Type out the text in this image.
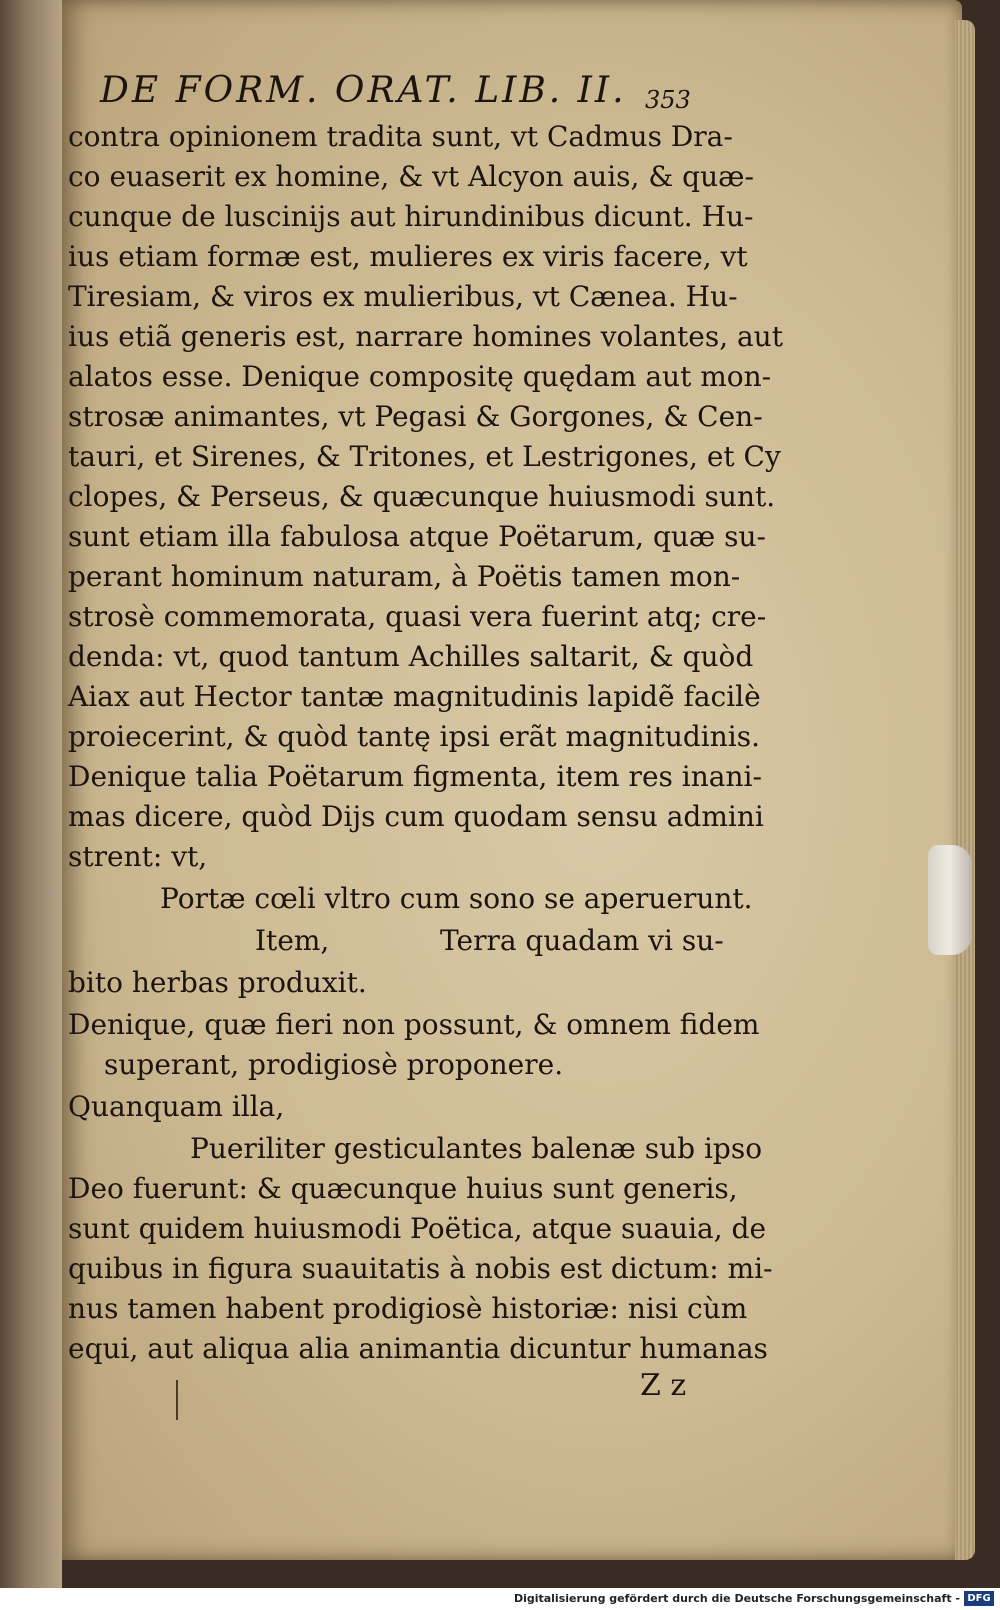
DE FORM. ORAT. LIB. II. 353
contra opinionem tradita sunt, vt Cadmus Dra-
co euaserit ex homine, & vt Alcyon auis, & quæ-
cunque de luscinijs aut hirundinibus dicunt. Hu-
ius etiam formæ est, mulieres ex viris facere, vt
Tiresiam, & viros ex mulieribus, vt Cænea. Hu-
ius etiã generis est, narrare homines volantes, aut
alatos esse. Denique compositę quędam aut mon-
strosæ animantes, vt Pegasi & Gorgones, & Cen-
tauri, et Sirenes, & Tritones, et Lestrigones, et Cy
clopes, & Perseus, & quæcunque huiusmodi sunt.
sunt etiam illa fabulosa atque Poëtarum, quæ su-
perant hominum naturam, à Poëtis tamen mon-
strosè commemorata, quasi vera fuerint atq; cre-
denda: vt, quod tantum Achilles saltarit, & quòd
Aiax aut Hector tantæ magnitudinis lapidẽ facilè
proiecerint, & quòd tantę ipsi erãt magnitudinis.
Denique talia Poëtarum figmenta, item res inani-
mas dicere, quòd Dijs cum quodam sensu admini
strent: vt,
Portæ cœli vltro cum sono se aperuerunt.
Item,	Terra quadam vi su-
bito herbas produxit.
Denique, quæ fieri non possunt, & omnem fidem
superant, prodigiosè proponere.
Quanquam illa,
Pueriliter gesticulantes balenæ sub ipso
Deo fuerunt: & quæcunque huius sunt generis,
sunt quidem huiusmodi Poëtica, atque suauia, de
quibus in figura suauitatis à nobis est dictum: mi-
nus tamen habent prodigiosè historiæ: nisi cùm
equi, aut aliqua alia animantia dicuntur humanas
Z z
Digitalisierung gefördert durch die Deutsche Forschungsgemeinschaft - DFG
